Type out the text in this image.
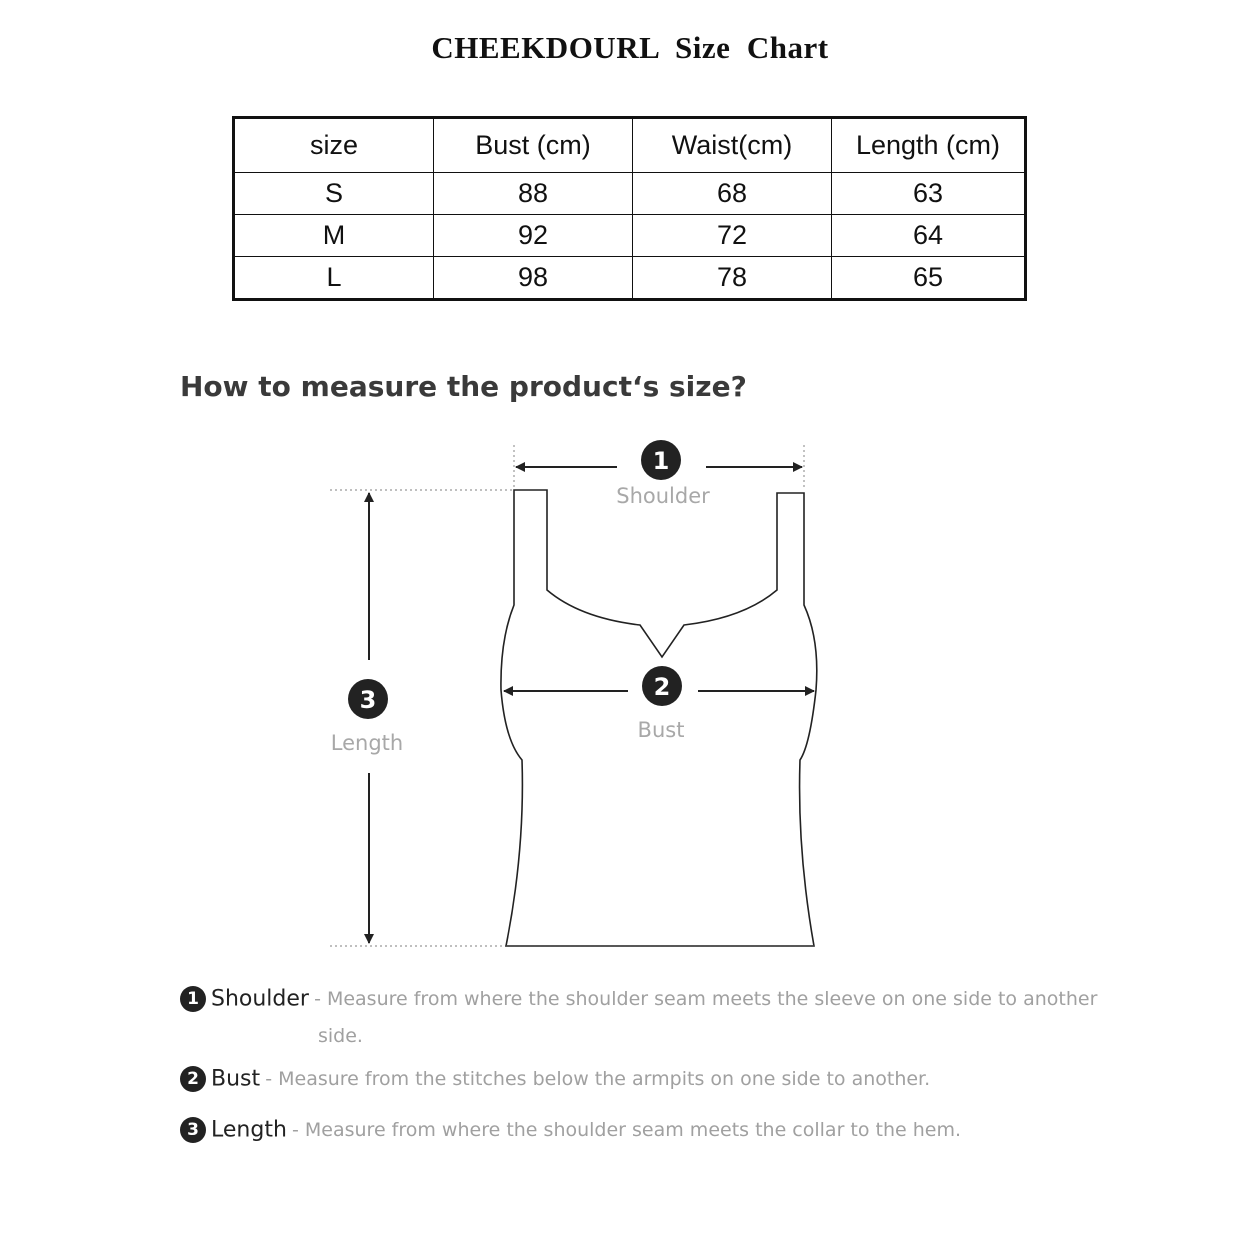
CHEEKDOURL  Size  Chart
size	Bust (cm)	Waist(cm)	Length (cm)
S	88	68	63
M	92	72	64
L	98	78	65
How to measure the product‘s size?
1
Shoulder
2
Bust
3
Length
1 Shoulder - Measure from where the shoulder seam meets the sleeve on one side to another
side.
2 Bust - Measure from the stitches below the armpits on one side to another.
3 Length - Measure from where the shoulder seam meets the collar to the hem.
